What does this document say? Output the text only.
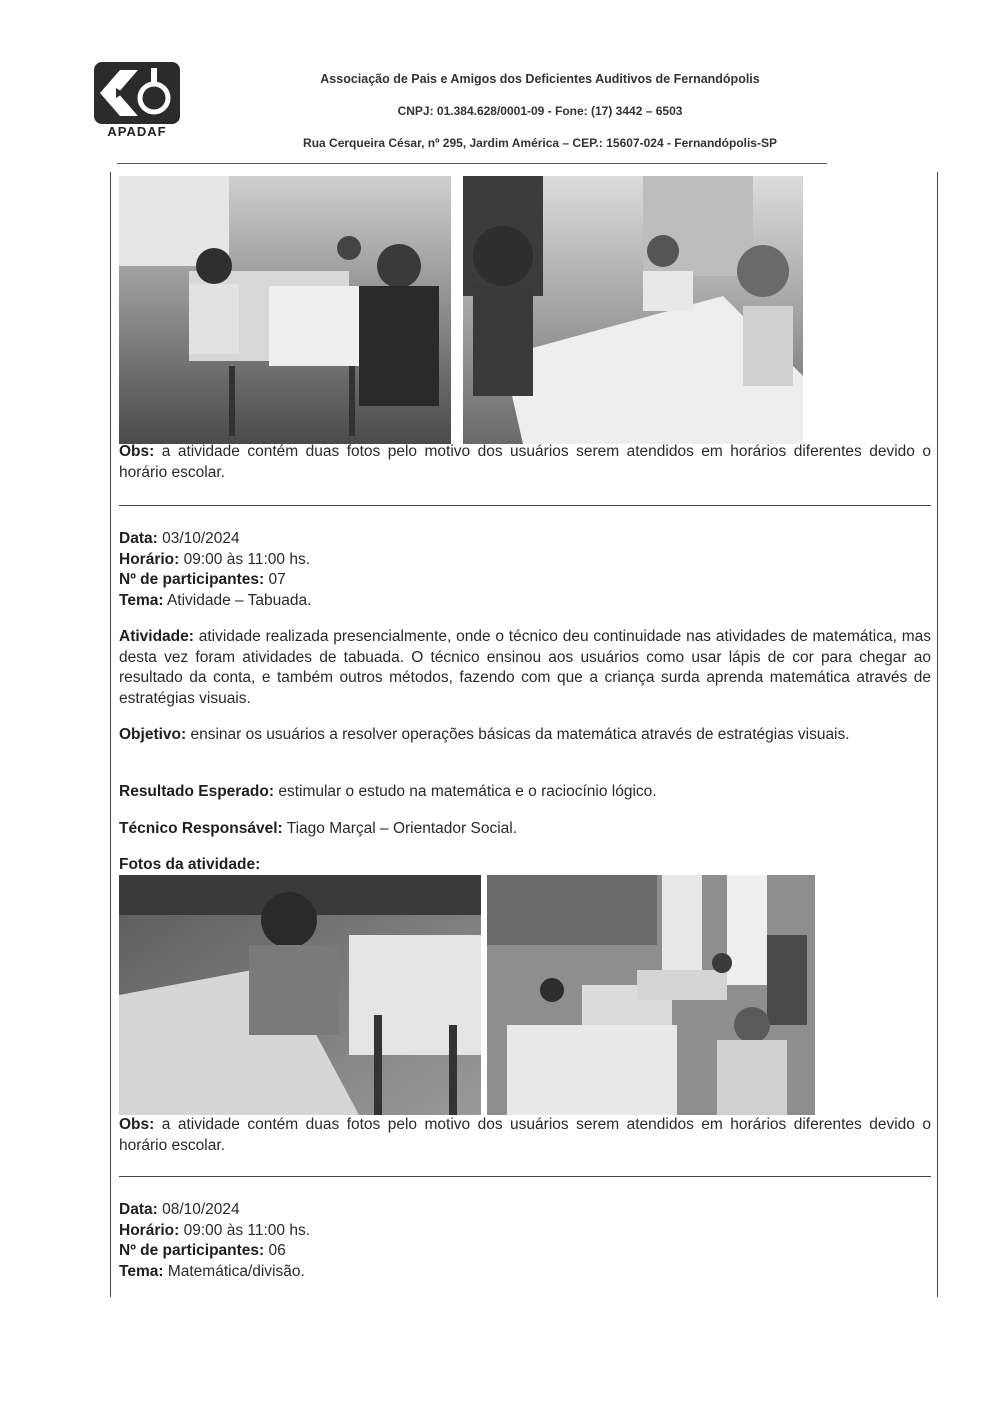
APADAF
Associação de Pais e Amigos dos Deficientes Auditivos de Fernandópolis
CNPJ: 01.384.628/0001-09 - Fone: (17) 3442 – 6503
Rua Cerqueira César, nº 295, Jardim América – CEP.: 15607-024 - Fernandópolis-SP
Obs: a atividade contém duas fotos pelo motivo dos usuários serem atendidos em horários diferentes devido o horário escolar.
Data: 03/10/2024
Horário: 09:00 às 11:00 hs.
Nº de participantes: 07
Tema: Atividade – Tabuada.
Atividade: atividade realizada presencialmente, onde o técnico deu continuidade nas atividades de matemática, mas desta vez foram atividades de tabuada. O técnico ensinou aos usuários como usar lápis de cor para chegar ao resultado da conta, e também outros métodos, fazendo com que a criança surda aprenda matemática através de estratégias visuais.
Objetivo: ensinar os usuários a resolver operações básicas da matemática através de estratégias visuais.
Resultado Esperado: estimular o estudo na matemática e o raciocínio lógico.
Técnico Responsável: Tiago Marçal – Orientador Social.
Fotos da atividade:
Obs: a atividade contém duas fotos pelo motivo dos usuários serem atendidos em horários diferentes devido o horário escolar.
Data: 08/10/2024
Horário: 09:00 às 11:00 hs.
Nº de participantes: 06
Tema: Matemática/divisão.
